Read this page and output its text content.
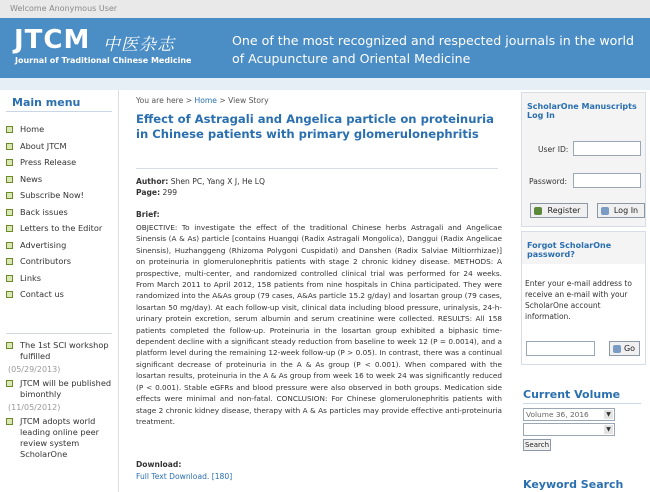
Welcome Anonymous User
JTCM 中医杂志
Journal of Traditional Chinese Medicine
One of the most recognized and respected journals in the world of Acupuncture and Oriental Medicine
Main menu
Home
About JTCM
Press Release
News
Subscribe Now!
Back issues
Letters to the Editor
Advertising
Contributors
Links
Contact us
The 1st SCI workshop fulfilled
(05/29/2013)
JTCM will be published bimonthly
(11/05/2012)
JTCM adopts world leading online peer review system ScholarOne
You are here > Home > View Story
Effect of Astragali and Angelica particle on proteinuria in Chinese patients with primary glomerulonephritis
Author: Shen PC, Yang X J, He LQ
Page: 299
Brief:
OBJECTIVE: To investigate the effect of the traditional Chinese herbs Astragali and Angelicae Sinensis (A & As) particle [contains Huangqi (Radix Astragali Mongolica), Danggui (Radix Angelicae Sinensis), Huzhanggeng (Rhizoma Polygoni Cuspidati) and Danshen (Radix Salviae Miltiorrhizae)] on proteinuria in glomerulonephritis patients with stage 2 chronic kidney disease. METHODS: A prospective, multi-center, and randomized controlled clinical trial was performed for 24 weeks. From March 2011 to April 2012, 158 patients from nine hospitals in China participated. They were randomized into the A&As group (79 cases, A&As particle 15.2 g/day) and losartan group (79 cases, losartan 50 mg/day). At each follow-up visit, clinical data including blood pressure, urinalysis, 24-h-urinary protein excretion, serum albumin and serum creatinine were collected. RESULTS: All 158 patients completed the follow-up. Proteinuria in the losartan group exhibited a biphasic time-dependent decline with a significant steady reduction from baseline to week 12 (P = 0.0014), and a platform level during the remaining 12-week follow-up (P > 0.05). In contrast, there was a continual significant decrease of proteinuria in the A & As group (P < 0.001). When compared with the losartan results, proteinuria in the A & As group from week 16 to week 24 was significantly reduced (P < 0.001). Stable eGFRs and blood pressure were also observed in both groups. Medication side effects were minimal and non-fatal. CONCLUSION: For Chinese glomerulonephritis patients with stage 2 chronic kidney disease, therapy with A & As particles may provide effective anti-proteinuria treatment.
Download:
Full Text Download. [180]
ScholarOne Manuscripts Log In
User ID:
Password:
Register	Log In
Forgot ScholarOne password?
Enter your e-mail address to receive an e-mail with your ScholarOne account information.
Go
Current Volume
Volume 36, 2016	▼
▼
Search
Keyword Search
